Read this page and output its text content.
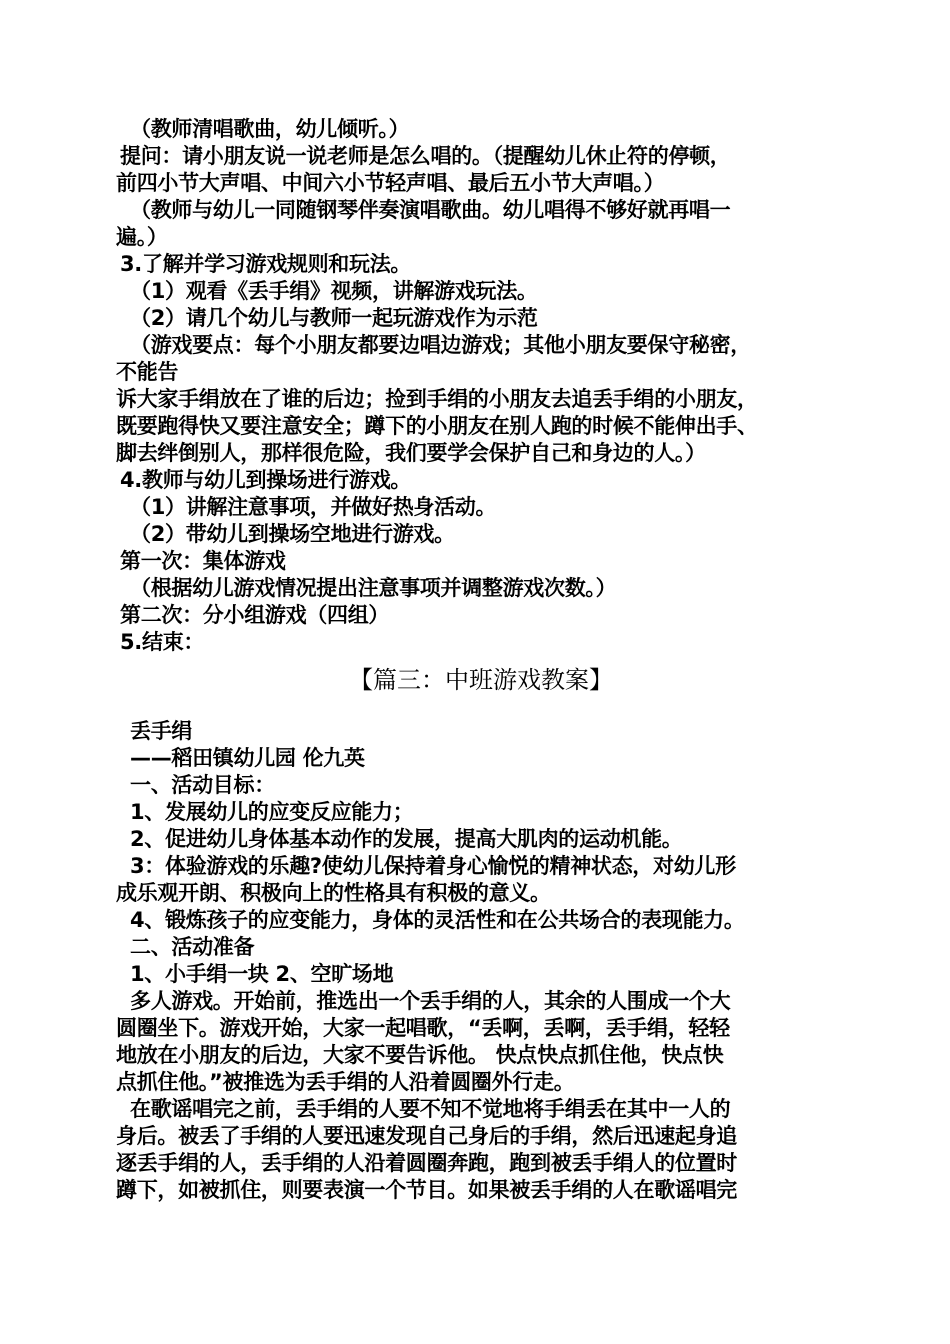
（教师清唱歌曲，幼儿倾听。）
提问：请小朋友说一说老师是怎么唱的。（提醒幼儿休止符的停顿，
前四小节大声唱、中间六小节轻声唱、最后五小节大声唱。）
（教师与幼儿一同随钢琴伴奏演唱歌曲。幼儿唱得不够好就再唱一
遍。）
3.了解并学习游戏规则和玩法。
（1）观看《丢手绢》视频，讲解游戏玩法。
（2）请几个幼儿与教师一起玩游戏作为示范
（游戏要点：每个小朋友都要边唱边游戏；其他小朋友要保守秘密，
不能告
诉大家手绢放在了谁的后边；捡到手绢的小朋友去追丢手绢的小朋友，
既要跑得快又要注意安全；蹲下的小朋友在别人跑的时候不能伸出手、
脚去绊倒别人，那样很危险，我们要学会保护自己和身边的人。）
4.教师与幼儿到操场进行游戏。
（1）讲解注意事项，并做好热身活动。
（2）带幼儿到操场空地进行游戏。
第一次：集体游戏
（根据幼儿游戏情况提出注意事项并调整游戏次数。）
第二次：分小组游戏（四组）
5.结束：
【篇三：中班游戏教案】
丢手绢
——稻田镇幼儿园 伦九英
一、活动目标：
1、发展幼儿的应变反应能力；
2、促进幼儿身体基本动作的发展，提高大肌肉的运动机能。
3：体验游戏的乐趣?使幼儿保持着身心愉悦的精神状态，对幼儿形
成乐观开朗、积极向上的性格具有积极的意义。
4、锻炼孩子的应变能力，身体的灵活性和在公共场合的表现能力。
二、活动准备
1、小手绢一块 2、空旷场地
多人游戏。开始前，推选出一个丢手绢的人，其余的人围成一个大
圆圈坐下。游戏开始，大家一起唱歌，“丢啊，丢啊，丢手绢，轻轻
地放在小朋友的后边，大家不要告诉他。 快点快点抓住他，快点快
点抓住他。”被推选为丢手绢的人沿着圆圈外行走。
在歌谣唱完之前，丢手绢的人要不知不觉地将手绢丢在其中一人的
身后。被丢了手绢的人要迅速发现自己身后的手绢，然后迅速起身追
逐丢手绢的人，丢手绢的人沿着圆圈奔跑，跑到被丢手绢人的位置时
蹲下，如被抓住，则要表演一个节目。如果被丢手绢的人在歌谣唱完
